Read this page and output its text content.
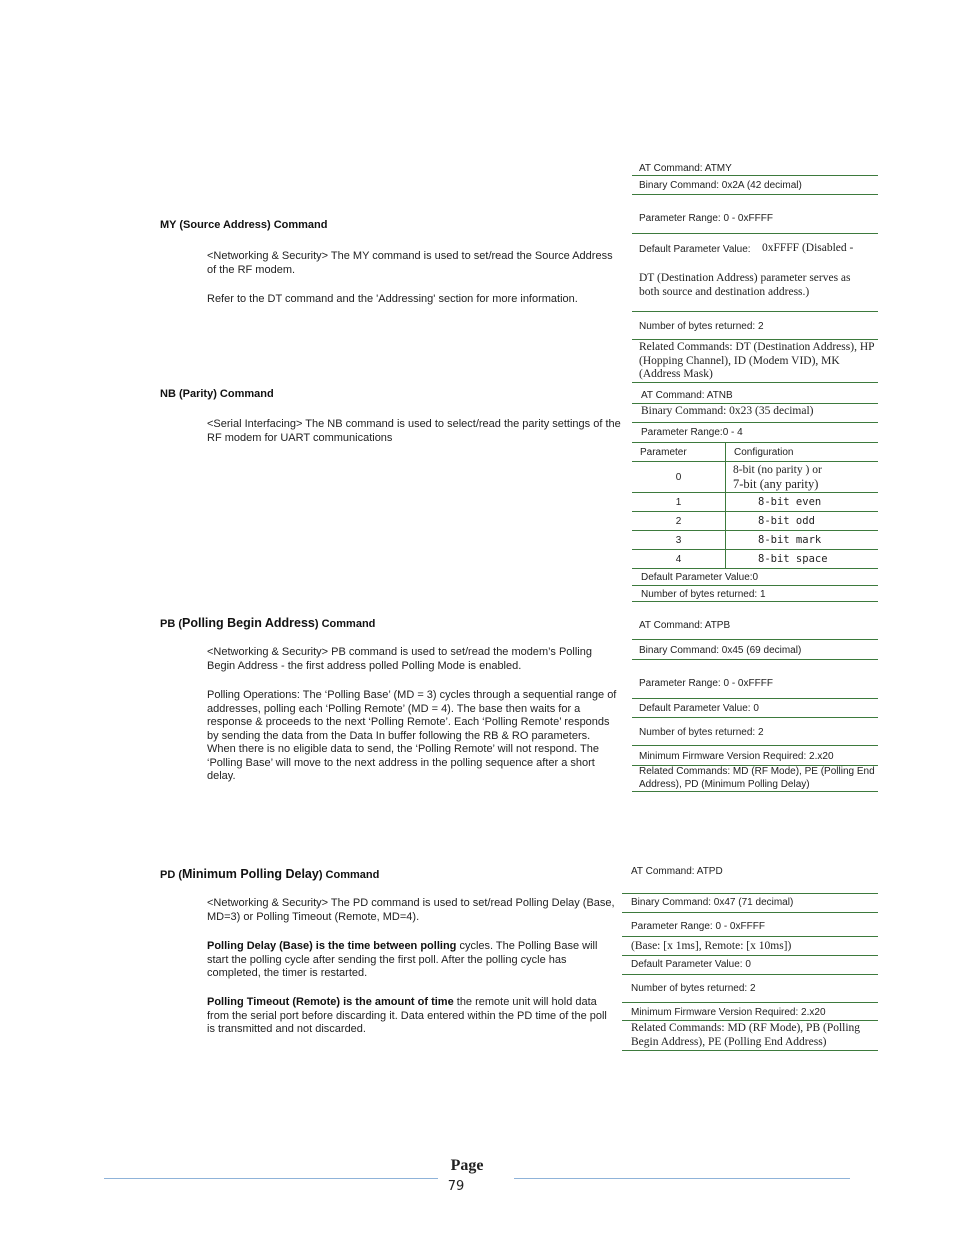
MY (Source Address) Command

<Networking & Security> The MY command is used to set/read the Source Address of the RF modem.

Refer to the DT command and the 'Addressing' section for more information.

AT Command: ATMY
Binary Command: 0x2A (42 decimal)
Parameter Range: 0 - 0xFFFF
Default Parameter Value: 0xFFFF (Disabled -
DT (Destination Address) parameter serves as both source and destination address.)
Number of bytes returned: 2
Related Commands: DT (Destination Address), HP (Hopping Channel), ID (Modem VID), MK (Address Mask)
NB (Parity) Command

<Serial Interfacing> The NB command is used to select/read the parity settings of the RF modem for UART communications

AT Command: ATNB
Binary Command: 0x23 (35 decimal)
Parameter Range:0 - 4
Parameter	Configuration
0	8-bit (no parity ) or
7-bit (any parity)

1	8-bit even
2	8-bit odd
3	8-bit mark
4	8-bit space
Default Parameter Value:0
Number of bytes returned: 1
PB (Polling Begin Address) Command

<Networking & Security> PB command is used to set/read the modem’s Polling Begin Address - the first address polled Polling Mode is enabled.

Polling Operations: The ‘Polling Base’ (MD = 3) cycles through a sequential range of addresses, polling each ‘Polling Remote’ (MD = 4). The base then waits for a response & proceeds to the next ‘Polling Remote’. Each ‘Polling Remote’ responds by sending the data from the Data In buffer following the RB & RO parameters. When there is no eligible data to send, the ‘Polling Remote’ will not respond. The ‘Polling Base’ will move to the next address in the polling sequence after a short delay.

AT Command: ATPB
Binary Command: 0x45 (69 decimal)
Parameter Range: 0 - 0xFFFF
Default Parameter Value: 0
Number of bytes returned: 2
Minimum Firmware Version Required: 2.x20
Related Commands: MD (RF Mode), PE (Polling End Address), PD (Minimum Polling Delay)
PD (Minimum Polling Delay) Command

<Networking & Security> The PD command is used to set/read Polling Delay (Base, MD=3) or Polling Timeout (Remote, MD=4).

Polling Delay (Base) is the time between polling cycles. The Polling Base will start the polling cycle after sending the first poll. After the polling cycle has completed, the timer is restarted.

Polling Timeout (Remote) is the amount of time the remote unit will hold data from the serial port before discarding it. Data entered within the PD time of the poll is transmitted and not discarded.

AT Command: ATPD
Binary Command: 0x47 (71 decimal)
Parameter Range: 0 - 0xFFFF
(Base: [x 1ms], Remote: [x 10ms])
Default Parameter Value: 0
Number of bytes returned: 2
Minimum Firmware Version Required: 2.x20
Related Commands: MD (RF Mode), PB (Polling Begin Address), PE (Polling End Address)
Page
79
